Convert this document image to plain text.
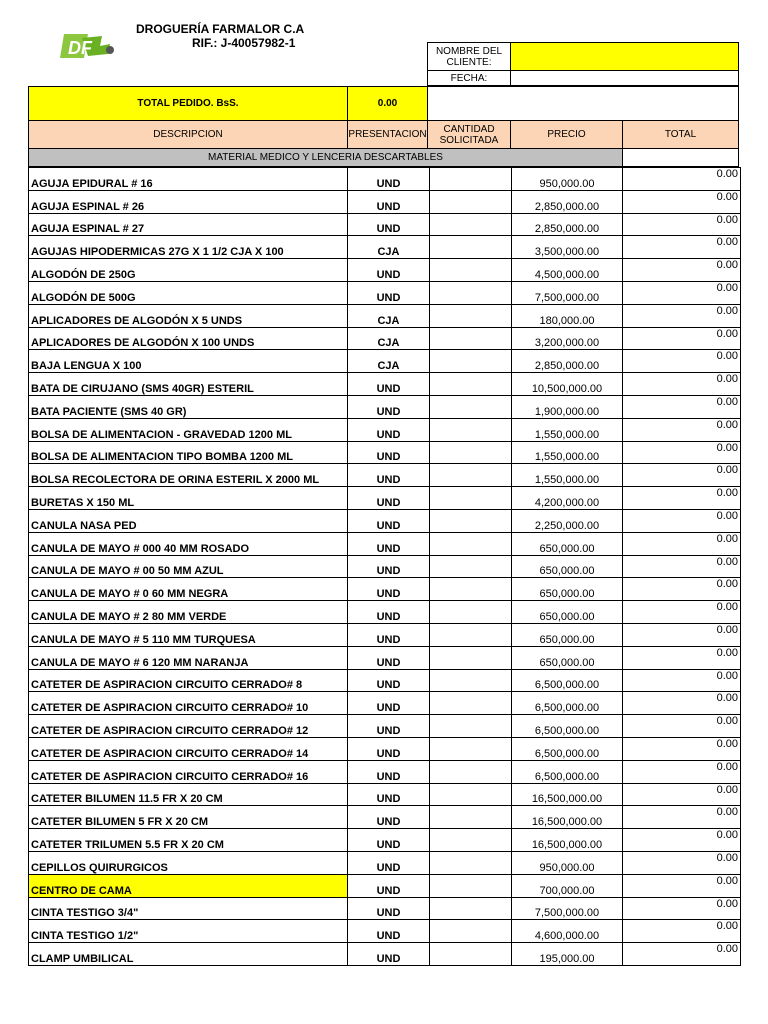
DF
DROGUERÍA FARMALOR C.A
RIF.: J-40057982-1
NOMBRE DEL CLIENTE:
FECHA:
TOTAL PEDIDO. BsS.	0.00
DESCRIPCION	PRESENTACION	CANTIDAD SOLICITADA	PRECIO	TOTAL
MATERIAL MEDICO Y LENCERIA DESCARTABLES
AGUJA EPIDURAL # 16	UND		950,000.00	0.00
AGUJA ESPINAL # 26	UND		2,850,000.00	0.00
AGUJA ESPINAL # 27	UND		2,850,000.00	0.00
AGUJAS HIPODERMICAS 27G X 1 1/2 CJA X 100	CJA		3,500,000.00	0.00
ALGODÓN DE 250G	UND		4,500,000.00	0.00
ALGODÓN DE 500G	UND		7,500,000.00	0.00
APLICADORES DE ALGODÓN X 5 UNDS	CJA		180,000.00	0.00
APLICADORES DE ALGODÓN X 100 UNDS	CJA		3,200,000.00	0.00
BAJA LENGUA X 100	CJA		2,850,000.00	0.00
BATA DE CIRUJANO (SMS 40GR) ESTERIL	UND		10,500,000.00	0.00
BATA PACIENTE (SMS 40 GR)	UND		1,900,000.00	0.00
BOLSA DE ALIMENTACION - GRAVEDAD 1200 ML	UND		1,550,000.00	0.00
BOLSA DE ALIMENTACION TIPO BOMBA 1200 ML	UND		1,550,000.00	0.00
BOLSA RECOLECTORA DE ORINA ESTERIL X 2000 ML	UND		1,550,000.00	0.00
BURETAS X 150 ML	UND		4,200,000.00	0.00
CANULA NASA PED	UND		2,250,000.00	0.00
CANULA DE MAYO # 000 40 MM ROSADO	UND		650,000.00	0.00
CANULA DE MAYO # 00 50 MM AZUL	UND		650,000.00	0.00
CANULA DE MAYO # 0 60 MM NEGRA	UND		650,000.00	0.00
CANULA DE MAYO # 2 80 MM VERDE	UND		650,000.00	0.00
CANULA DE MAYO # 5 110 MM TURQUESA	UND		650,000.00	0.00
CANULA DE MAYO # 6 120 MM NARANJA	UND		650,000.00	0.00
CATETER DE ASPIRACION CIRCUITO CERRADO# 8	UND		6,500,000.00	0.00
CATETER DE ASPIRACION CIRCUITO CERRADO# 10	UND		6,500,000.00	0.00
CATETER DE ASPIRACION CIRCUITO CERRADO# 12	UND		6,500,000.00	0.00
CATETER DE ASPIRACION CIRCUITO CERRADO# 14	UND		6,500,000.00	0.00
CATETER DE ASPIRACION CIRCUITO CERRADO# 16	UND		6,500,000.00	0.00
CATETER BILUMEN 11.5 FR X 20 CM	UND		16,500,000.00	0.00
CATETER BILUMEN 5 FR X 20 CM	UND		16,500,000.00	0.00
CATETER TRILUMEN 5.5 FR X 20 CM	UND		16,500,000.00	0.00
CEPILLOS QUIRURGICOS	UND		950,000.00	0.00
CENTRO DE CAMA	UND		700,000.00	0.00
CINTA TESTIGO 3/4"	UND		7,500,000.00	0.00
CINTA TESTIGO 1/2"	UND		4,600,000.00	0.00
CLAMP UMBILICAL	UND		195,000.00	0.00
